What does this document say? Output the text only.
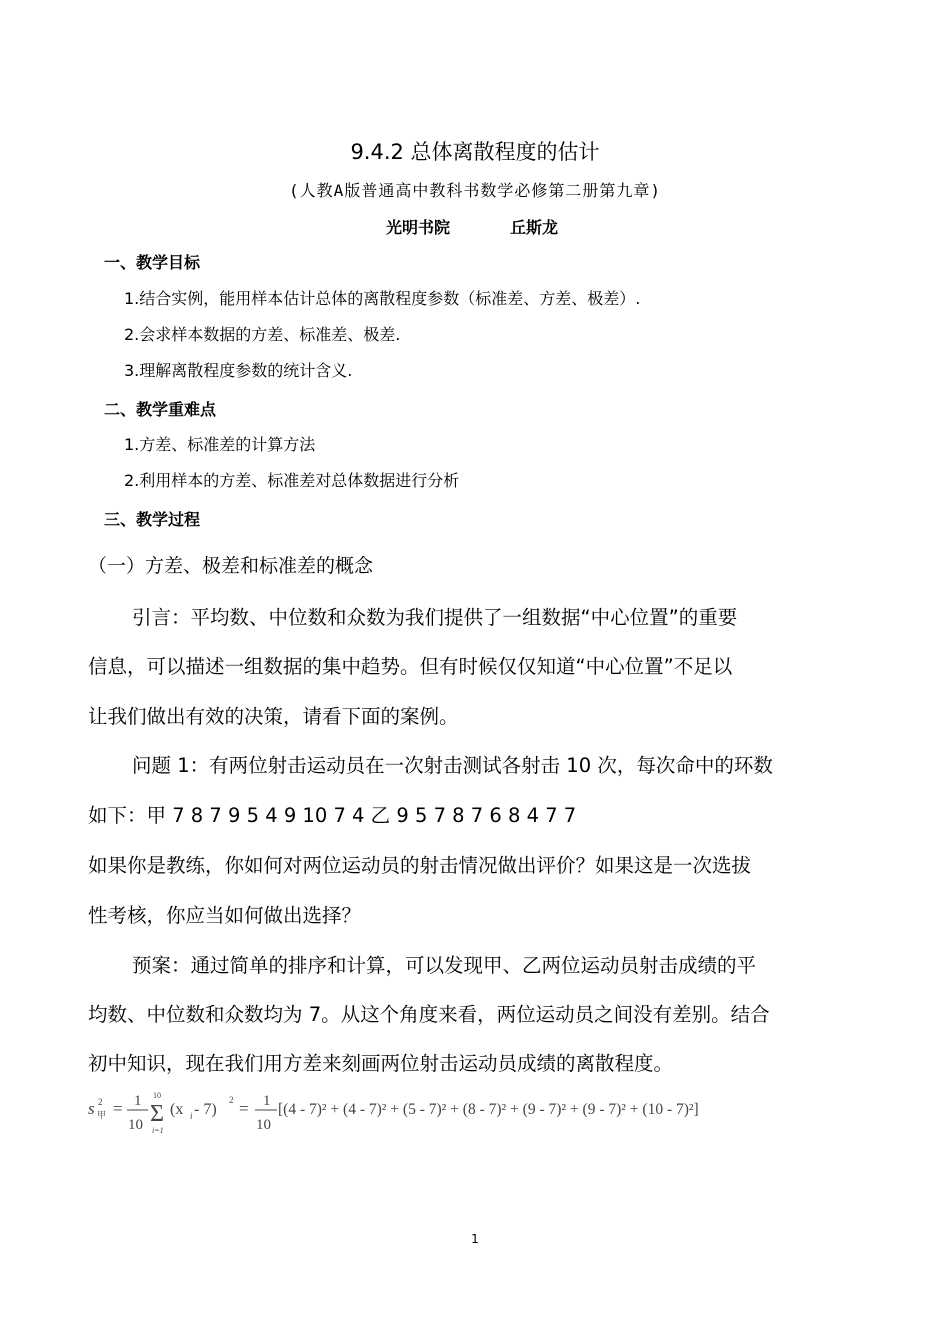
9.4.2 总体离散程度的估计
(人教A版普通高中教科书数学必修第二册第九章)
光明书院	丘斯龙
一、教学目标
1.结合实例，能用样本估计总体的离散程度参数（标准差、方差、极差）.
2.会求样本数据的方差、标准差、极差.
3.理解离散程度参数的统计含义.
二、教学重难点
1.方差、标准差的计算方法
2.利用样本的方差、标准差对总体数据进行分析
三、教学过程
（一）方差、极差和标准差的概念
引言：平均数、中位数和众数为我们提供了一组数据“中心位置”的重要
信息，可以描述一组数据的集中趋势。但有时候仅仅知道“中心位置”不足以
让我们做出有效的决策，请看下面的案例。
问题 1：有两位射击运动员在一次射击测试各射击 10 次，每次命中的环数
如下：甲 7 8 7 9 5 4 9 10 7 4 乙 9 5 7 8 7 6 8 4 7 7
如果你是教练，你如何对两位运动员的射击情况做出评价？如果这是一次选拔
性考核，你应当如何做出选择？
预案：通过简单的排序和计算，可以发现甲、乙两位运动员射击成绩的平
均数、中位数和众数均为 7。从这个角度来看，两位运动员之间没有差别。结合
初中知识，现在我们用方差来刻画两位射击运动员成绩的离散程度。
s 2
甲 = 1
10
10
Σ
i=1
(x i - 7)
2 = 1
10
[(4 - 7)² + (4 - 7)² + (5 - 7)² + (8 - 7)² + (9 - 7)² + (9 - 7)² + (10 - 7)²]
1
